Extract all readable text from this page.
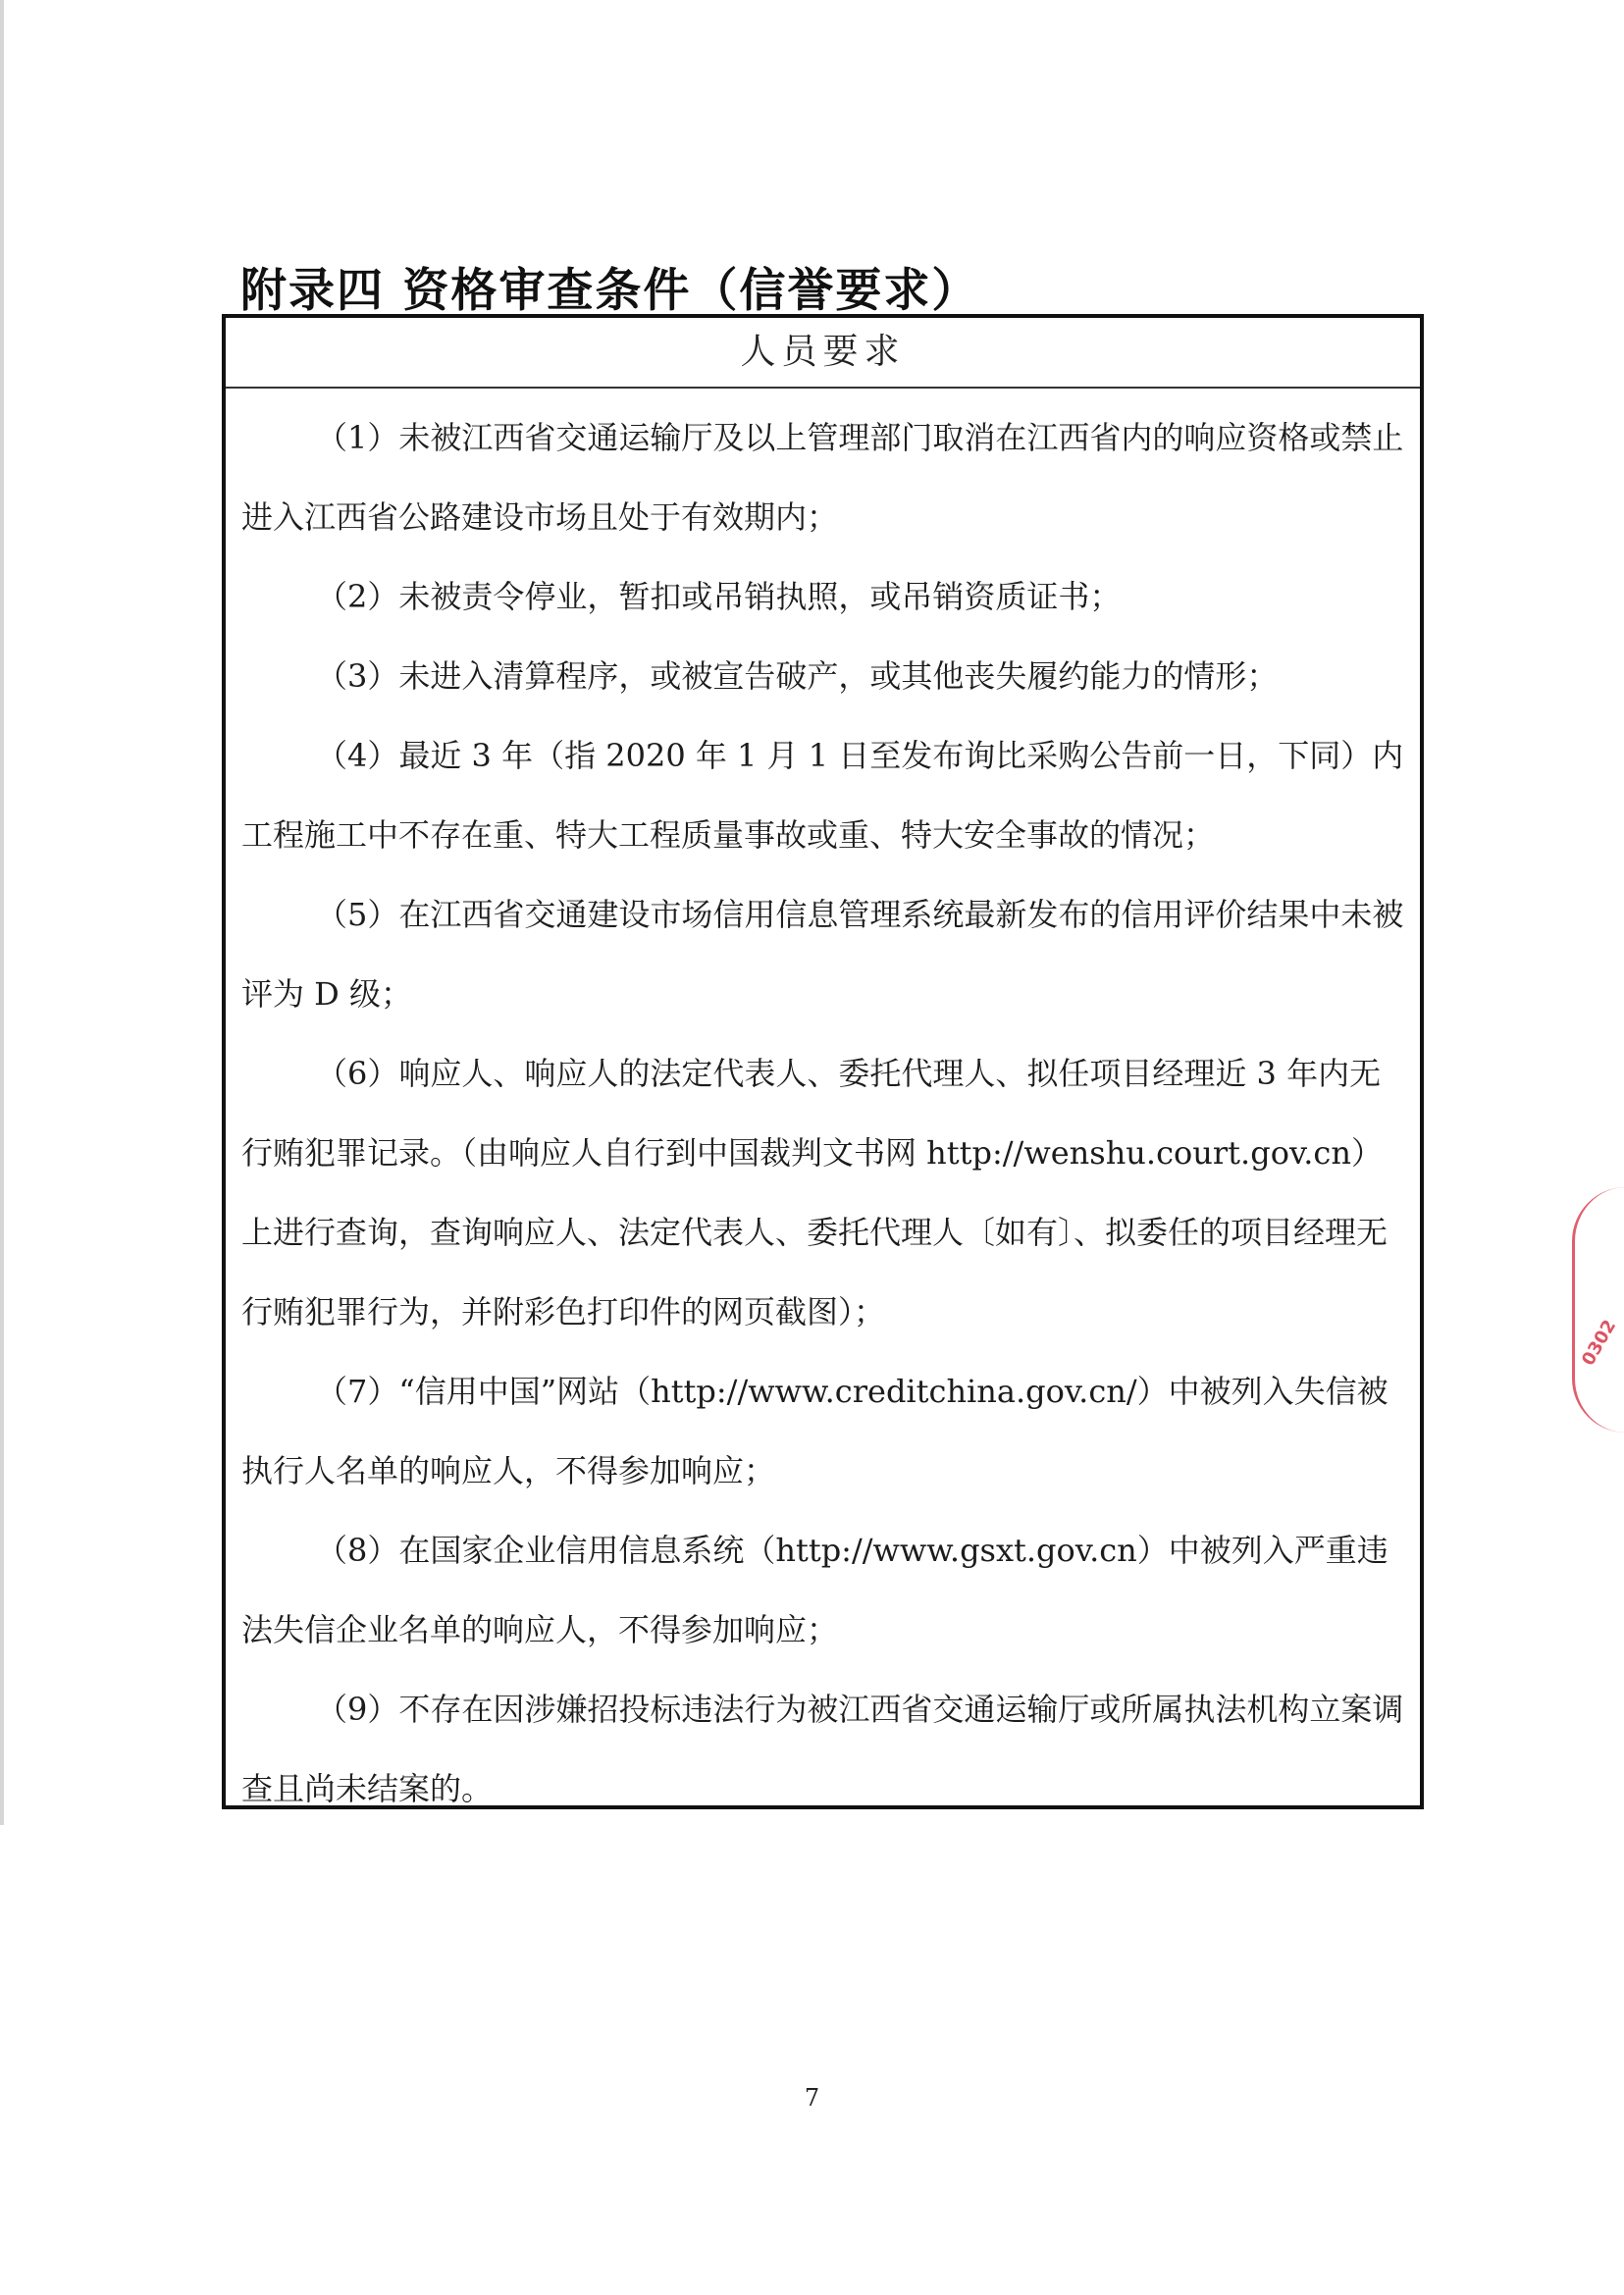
附录四 资格审查条件（信誉要求）
人员要求

（1）未被江西省交通运输厅及以上管理部门取消在江西省内的响应资格或禁止进入江西省公路建设市场且处于有效期内；

（2）未被责令停业，暂扣或吊销执照，或吊销资质证书；

（3）未进入清算程序，或被宣告破产，或其他丧失履约能力的情形；

（4）最近 3 年（指 2020 年 1 月 1 日至发布询比采购公告前一日，下同）内工程施工中不存在重、特大工程质量事故或重、特大安全事故的情况；

（5）在江西省交通建设市场信用信息管理系统最新发布的信用评价结果中未被评为 D 级；

（6）响应人、响应人的法定代表人、委托代理人、拟任项目经理近 3 年内无行贿犯罪记录。（由响应人自行到中国裁判文书网 http://wenshu.court.gov.cn）上进行查询，查询响应人、法定代表人、委托代理人〔如有〕、拟委任的项目经理无行贿犯罪行为，并附彩色打印件的网页截图）；

（7）“信用中国”网站（http://www.creditchina.gov.cn/）中被列入失信被执行人名单的响应人，不得参加响应；

（8）在国家企业信用信息系统（http://www.gsxt.gov.cn）中被列入严重违法失信企业名单的响应人，不得参加响应；

（9）不存在因涉嫌招投标违法行为被江西省交通运输厅或所属执法机构立案调查且尚未结案的。

0302
7
